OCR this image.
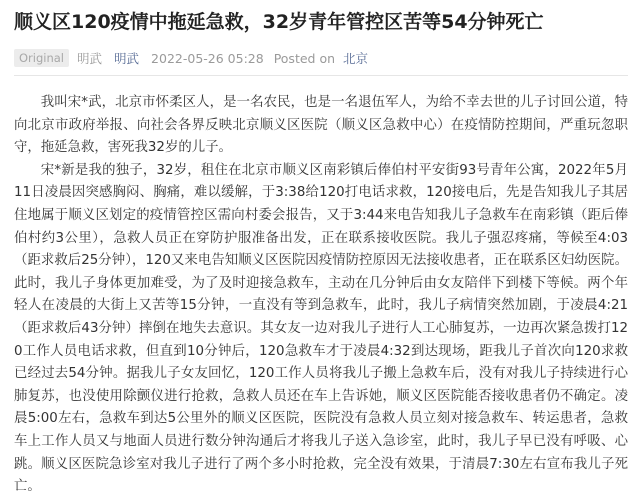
顺义区120疫情中拖延急救，32岁青年管控区苦等54分钟死亡
Original	明武 明武 2022-05-26 05:28 Posted on 北京

我叫宋*武，北京市怀柔区人，是一名农民，也是一名退伍军人，为给不幸去世的儿子讨回公道，特向北京市政府举报、向社会各界反映北京顺义区医院（顺义区急救中心）在疫情防控期间，严重玩忽职守，拖延急救，害死我32岁的儿子。

宋*新是我的独子，32岁，租住在北京市顺义区南彩镇后俸伯村平安街93号青年公寓，2022年5月11日凌晨因突感胸闷、胸痛，难以缓解，于3:38给120打电话求救，120接电后，先是告知我儿子其居住地属于顺义区划定的疫情管控区需向村委会报告，又于3:44来电告知我儿子急救车在南彩镇（距后俸伯村约3公里），急救人员正在穿防护服准备出发，正在联系接收医院。我儿子强忍疼痛，等候至4:03（距求救后25分钟），120又来电告知顺义区医院因疫情防控原因无法接收患者，正在联系区妇幼医院。此时，我儿子身体更加难受，为了及时迎接急救车，主动在几分钟后由女友陪伴下到楼下等候。两个年轻人在凌晨的大街上又苦等15分钟，一直没有等到急救车，此时，我儿子病情突然加剧，于凌晨4:21（距求救后43分钟）摔倒在地失去意识。其女友一边对我儿子进行人工心肺复苏，一边再次紧急拨打120工作人员电话求救，但直到10分钟后，120急救车才于凌晨4:32到达现场，距我儿子首次向120求救已经过去54分钟。据我儿子女友回忆，120工作人员将我儿子搬上急救车后，没有对我儿子持续进行心肺复苏，也没使用除颤仪进行抢救，急救人员还在车上告诉她，顺义区医院能否接收患者仍不确定。凌晨5:00左右，急救车到达5公里外的顺义区医院，医院没有急救人员立刻对接急救车、转运患者，急救车上工作人员又与地面人员进行数分钟沟通后才将我儿子送入急诊室，此时，我儿子早已没有呼吸、心跳。顺义区医院急诊室对我儿子进行了两个多小时抢救，完全没有效果，于清晨7:30左右宣布我儿子死亡。
